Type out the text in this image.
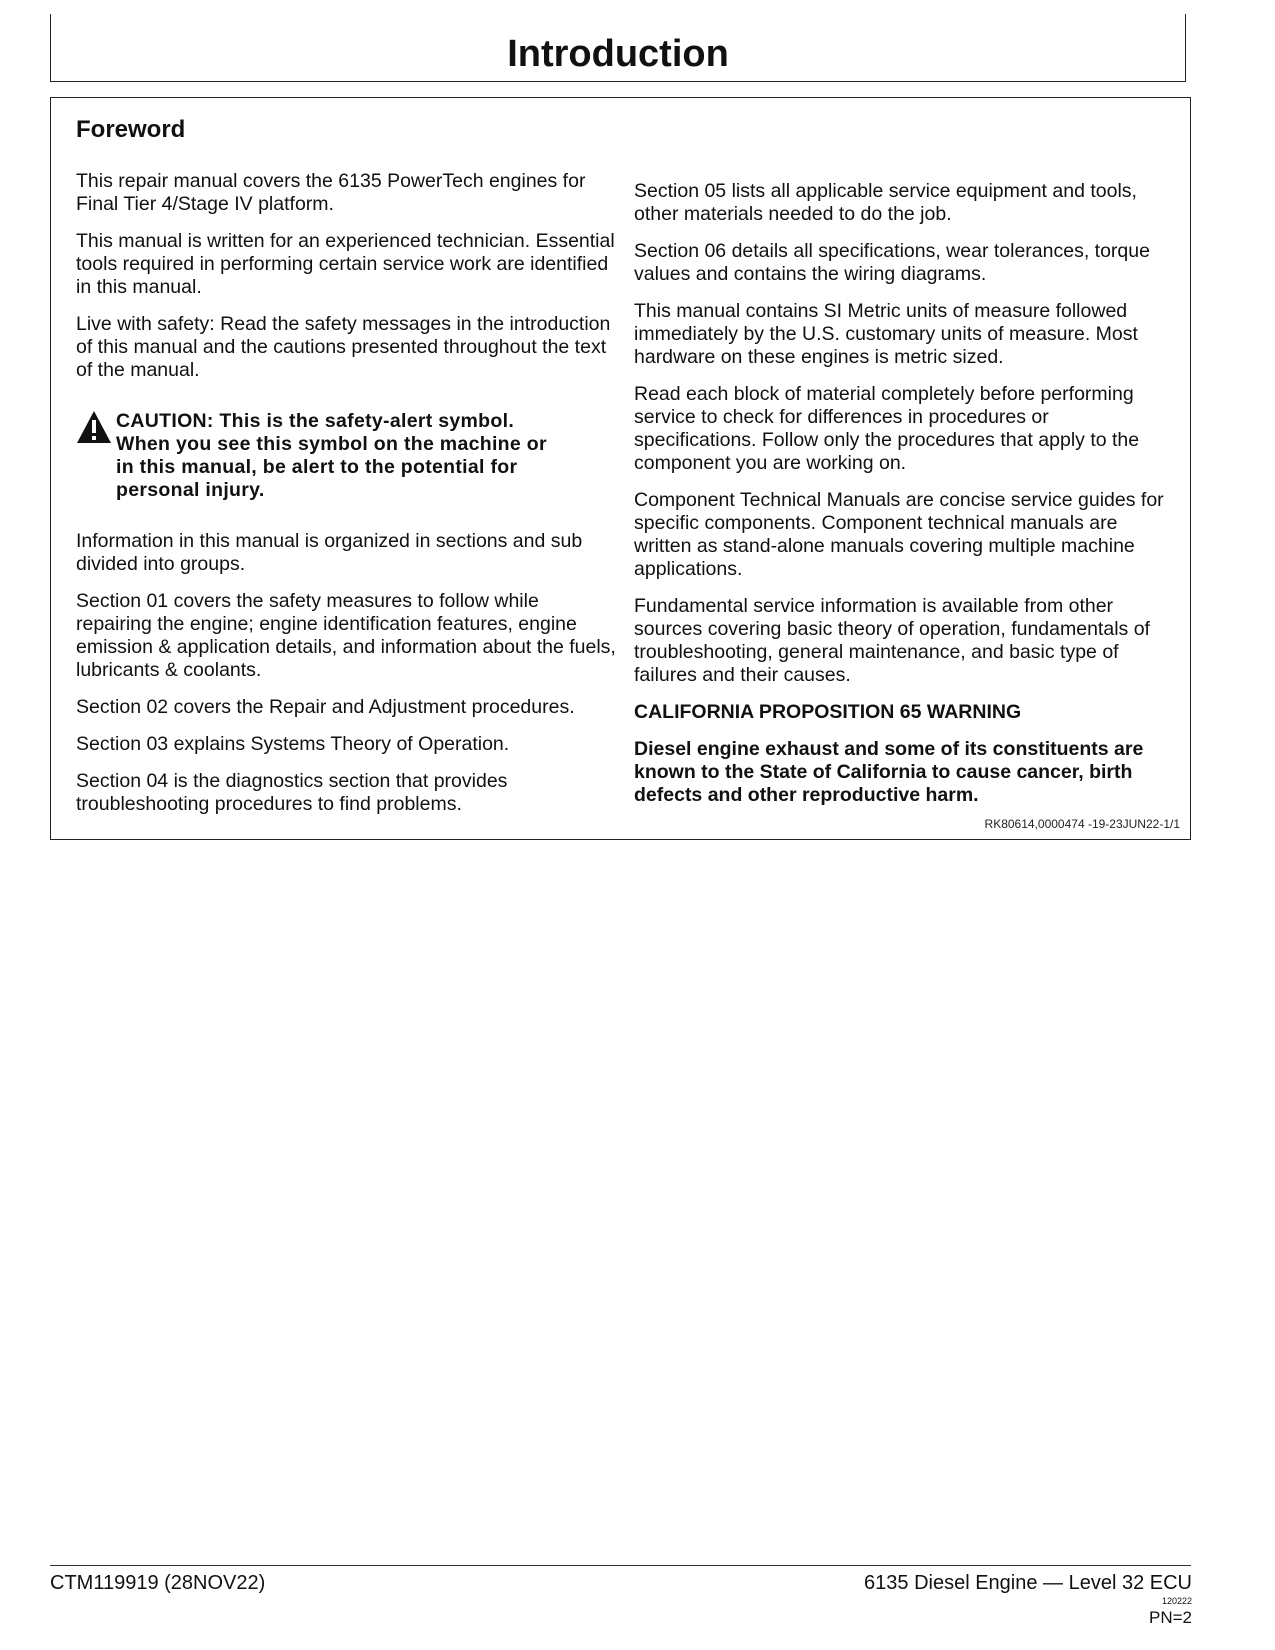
Introduction
Foreword

This repair manual covers the 6135 PowerTech engines for Final Tier 4/Stage IV platform.

This manual is written for an experienced technician. Essential tools required in performing certain service work are identified in this manual.

Live with safety: Read the safety messages in the introduction of this manual and the cautions presented throughout the text of the manual.

CAUTION: This is the safety-alert symbol. When you see this symbol on the machine or in this manual, be alert to the potential for personal injury.

Information in this manual is organized in sections and sub divided into groups.

Section 01 covers the safety measures to follow while repairing the engine; engine identification features, engine emission & application details, and information about the fuels, lubricants & coolants.

Section 02 covers the Repair and Adjustment procedures.

Section 03 explains Systems Theory of Operation.

Section 04 is the diagnostics section that provides troubleshooting procedures to find problems.

Section 05 lists all applicable service equipment and tools, other materials needed to do the job.

Section 06 details all specifications, wear tolerances, torque values and contains the wiring diagrams.

This manual contains SI Metric units of measure followed immediately by the U.S. customary units of measure. Most hardware on these engines is metric sized.

Read each block of material completely before performing service to check for differences in procedures or specifications. Follow only the procedures that apply to the component you are working on.

Component Technical Manuals are concise service guides for specific components. Component technical manuals are written as stand-alone manuals covering multiple machine applications.

Fundamental service information is available from other sources covering basic theory of operation, fundamentals of troubleshooting, general maintenance, and basic type of failures and their causes.

CALIFORNIA PROPOSITION 65 WARNING

Diesel engine exhaust and some of its constituents are known to the State of California to cause cancer, birth defects and other reproductive harm.

RK80614,0000474 -19-23JUN22-1/1
CTM119919 (28NOV22)	6135 Diesel Engine — Level 32 ECU
120222
PN=2
